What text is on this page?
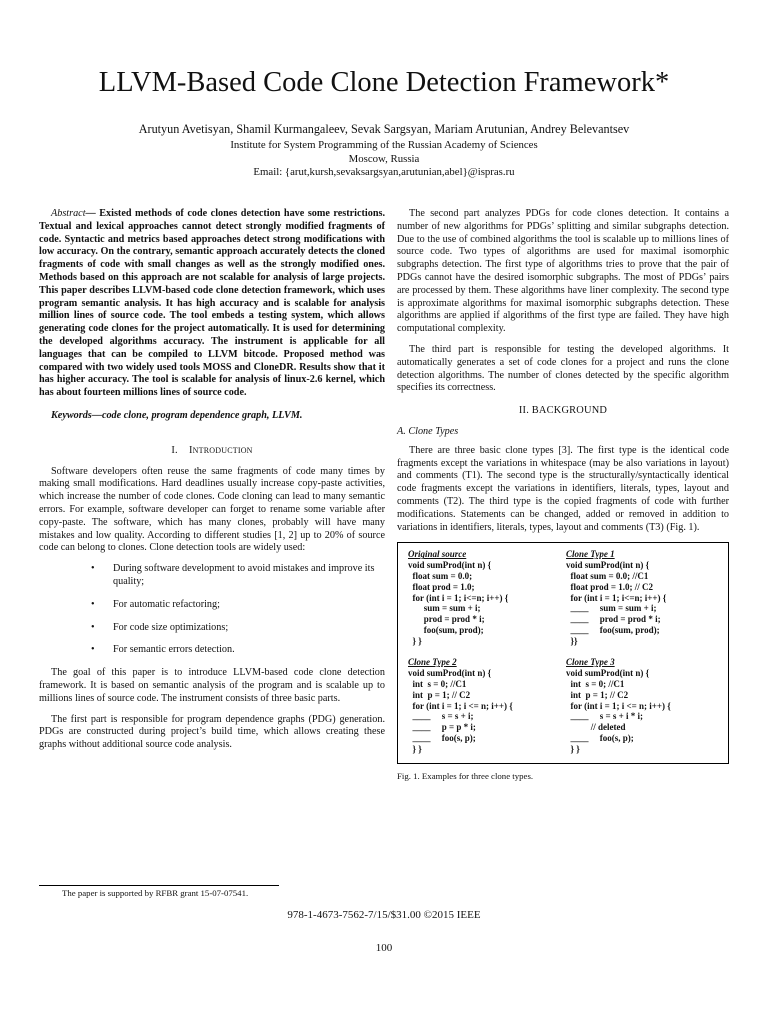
LLVM-Based Code Clone Detection Framework*
Arutyun Avetisyan, Shamil Kurmangaleev, Sevak Sargsyan, Mariam Arutunian, Andrey Belevantsev
Institute for System Programming of the Russian Academy of Sciences
Moscow, Russia
Email: {arut,kursh,sevaksargsyan,arutunian,abel}@ispras.ru

Abstract— Existed methods of code clones detection have some restrictions. Textual and lexical approaches cannot detect strongly modified fragments of code. Syntactic and metrics based approaches detect strong modifications with low accuracy. On the contrary, semantic approach accurately detects the cloned fragments of code with small changes as well as the strongly modified ones. Methods based on this approach are not scalable for analysis of large projects. This paper describes LLVM-based code clone detection framework, which uses program semantic analysis. It has high accuracy and is scalable for analysis million lines of source code. The tool embeds a testing system, which allows generating code clones for the project automatically. It is used for determining the developed algorithms accuracy. The instrument is applicable for all languages that can be compiled to LLVM bitcode. Proposed method was compared with two widely used tools MOSS and CloneDR. Results show that it has higher accuracy. The tool is scalable for analysis of linux-2.6 kernel, which has about fourteen millions lines of source code.

Keywords—code clone, program dependence graph, LLVM.

I. INTRODUCTION

Software developers often reuse the same fragments of code many times by making small modifications. Hard deadlines usually increase copy-paste activities, which increase the number of code clones. Code cloning can lead to many semantic errors. For example, software developer can forget to rename some variable after copy-paste. The software, which has many clones, probably will have many mistakes and low quality. According to different studies [1, 2] up to 20% of source code can belong to clones. Clone detection tools are widely used:

• During software development to avoid mistakes and improve its quality;
• For automatic refactoring;
• For code size optimizations;
• For semantic errors detection.

The goal of this paper is to introduce LLVM-based code clone detection framework. It is based on semantic analysis of the program and is scalable up to millions lines of source code. The instrument consists of three basic parts.

The first part is responsible for program dependence graphs (PDG) generation. PDGs are constructed during project’s build time, which allows creating these graphs without additional source code analysis.

The second part analyzes PDGs for code clones detection. It contains a number of new algorithms for PDGs’ splitting and similar subgraphs detection. Due to the use of combined algorithms the tool is scalable up to millions lines of source code. Two types of algorithms are used for maximal isomorphic subgraphs detection. The first type of algorithms tries to prove that the pair of PDGs cannot have the desired isomorphic subgraphs. The most of PDGs’ pairs are processed by them. These algorithms have liner complexity. The second type is approximate algorithms for maximal isomorphic subgraphs detection. These algorithms are applied if algorithms of the first type are failed. They have high computational complexity.

The third part is responsible for testing the developed algorithms. It automatically generates a set of code clones for a project and runs the clone detection algorithms. The number of clones detected by the specific algorithm specifies its correctness.

II. BACKGROUND
A. Clone Types

There are three basic clone types [3]. The first type is the identical code fragments except the variations in whitespace (may be also variations in layout) and comments (T1). The second type is the structurally/syntactically identical code fragments except the variations in identifiers, literals, types, layout and comments (T2). The third type is the copied fragments of code with further modifications. Statements can be changed, added or removed in addition to variations in identifiers, literals, types, layout and comments (T3) (Fig. 1).

Original source
void sumProd(int n) {
float sum = 0.0;
float prod = 1.0;
for (int i = 1; i<=n; i++) {
sum = sum + i;
prod = prod * i;
foo(sum, prod);
} }
Clone Type 1
void sumProd(int n) {
float sum = 0.0; //C1
float prod = 1.0; // C2
for (int i = 1; i<=n; i++) {
____     sum = sum + i;
____     prod = prod * i;
____     foo(sum, prod);
}}
Clone Type 2
void sumProd(int n) {
int  s = 0; //C1
int  p = 1; // C2
for (int i = 1; i <= n; i++) {
____     s = s + i;
____     p = p * i;
____     foo(s, p);
} }
Clone Type 3
void sumProd(int n) {
int  s = 0; //C1
int  p = 1; // C2
for (int i = 1; i <= n; i++) {
____     s = s + i * i;
// deleted
____     foo(s, p);
} }
Fig. 1. Examples for three clone types.
The paper is supported by RFBR grant 15-07-07541.
978-1-4673-7562-7/15/$31.00 ©2015 IEEE
100
